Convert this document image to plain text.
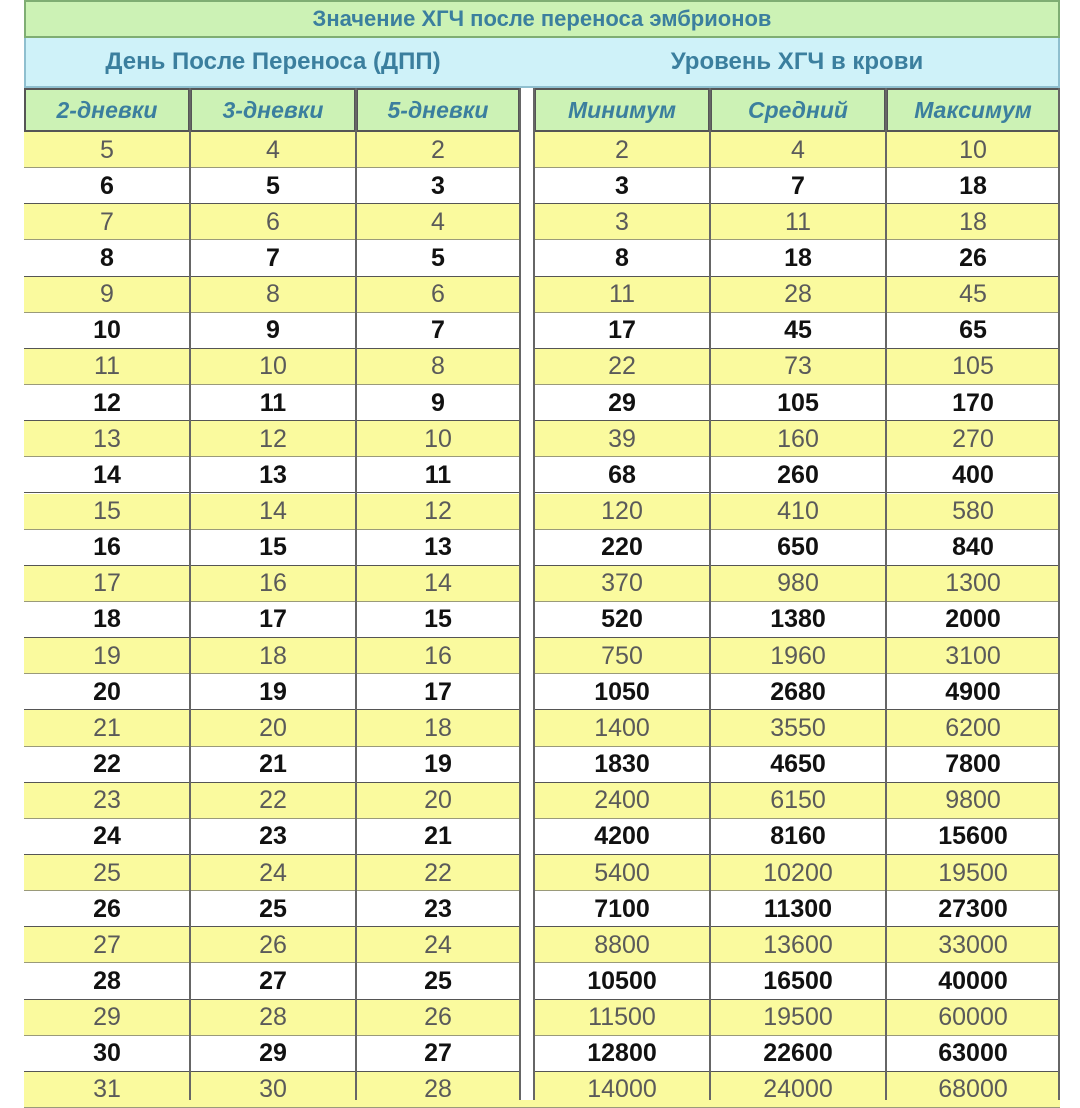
Значение ХГЧ после переноса эмбрионов
День После Переноса (ДПП)	Уровень ХГЧ в крови
2-дневки	3-дневки	5-дневки	Минимум	Средний	Максимум
5	4	2	2	4	10
6	5	3	3	7	18
7	6	4	3	11	18
8	7	5	8	18	26
9	8	6	11	28	45
10	9	7	17	45	65
11	10	8	22	73	105
12	11	9	29	105	170
13	12	10	39	160	270
14	13	11	68	260	400
15	14	12	120	410	580
16	15	13	220	650	840
17	16	14	370	980	1300
18	17	15	520	1380	2000
19	18	16	750	1960	3100
20	19	17	1050	2680	4900
21	20	18	1400	3550	6200
22	21	19	1830	4650	7800
23	22	20	2400	6150	9800
24	23	21	4200	8160	15600
25	24	22	5400	10200	19500
26	25	23	7100	11300	27300
27	26	24	8800	13600	33000
28	27	25	10500	16500	40000
29	28	26	11500	19500	60000
30	29	27	12800	22600	63000
31	30	28	14000	24000	68000
